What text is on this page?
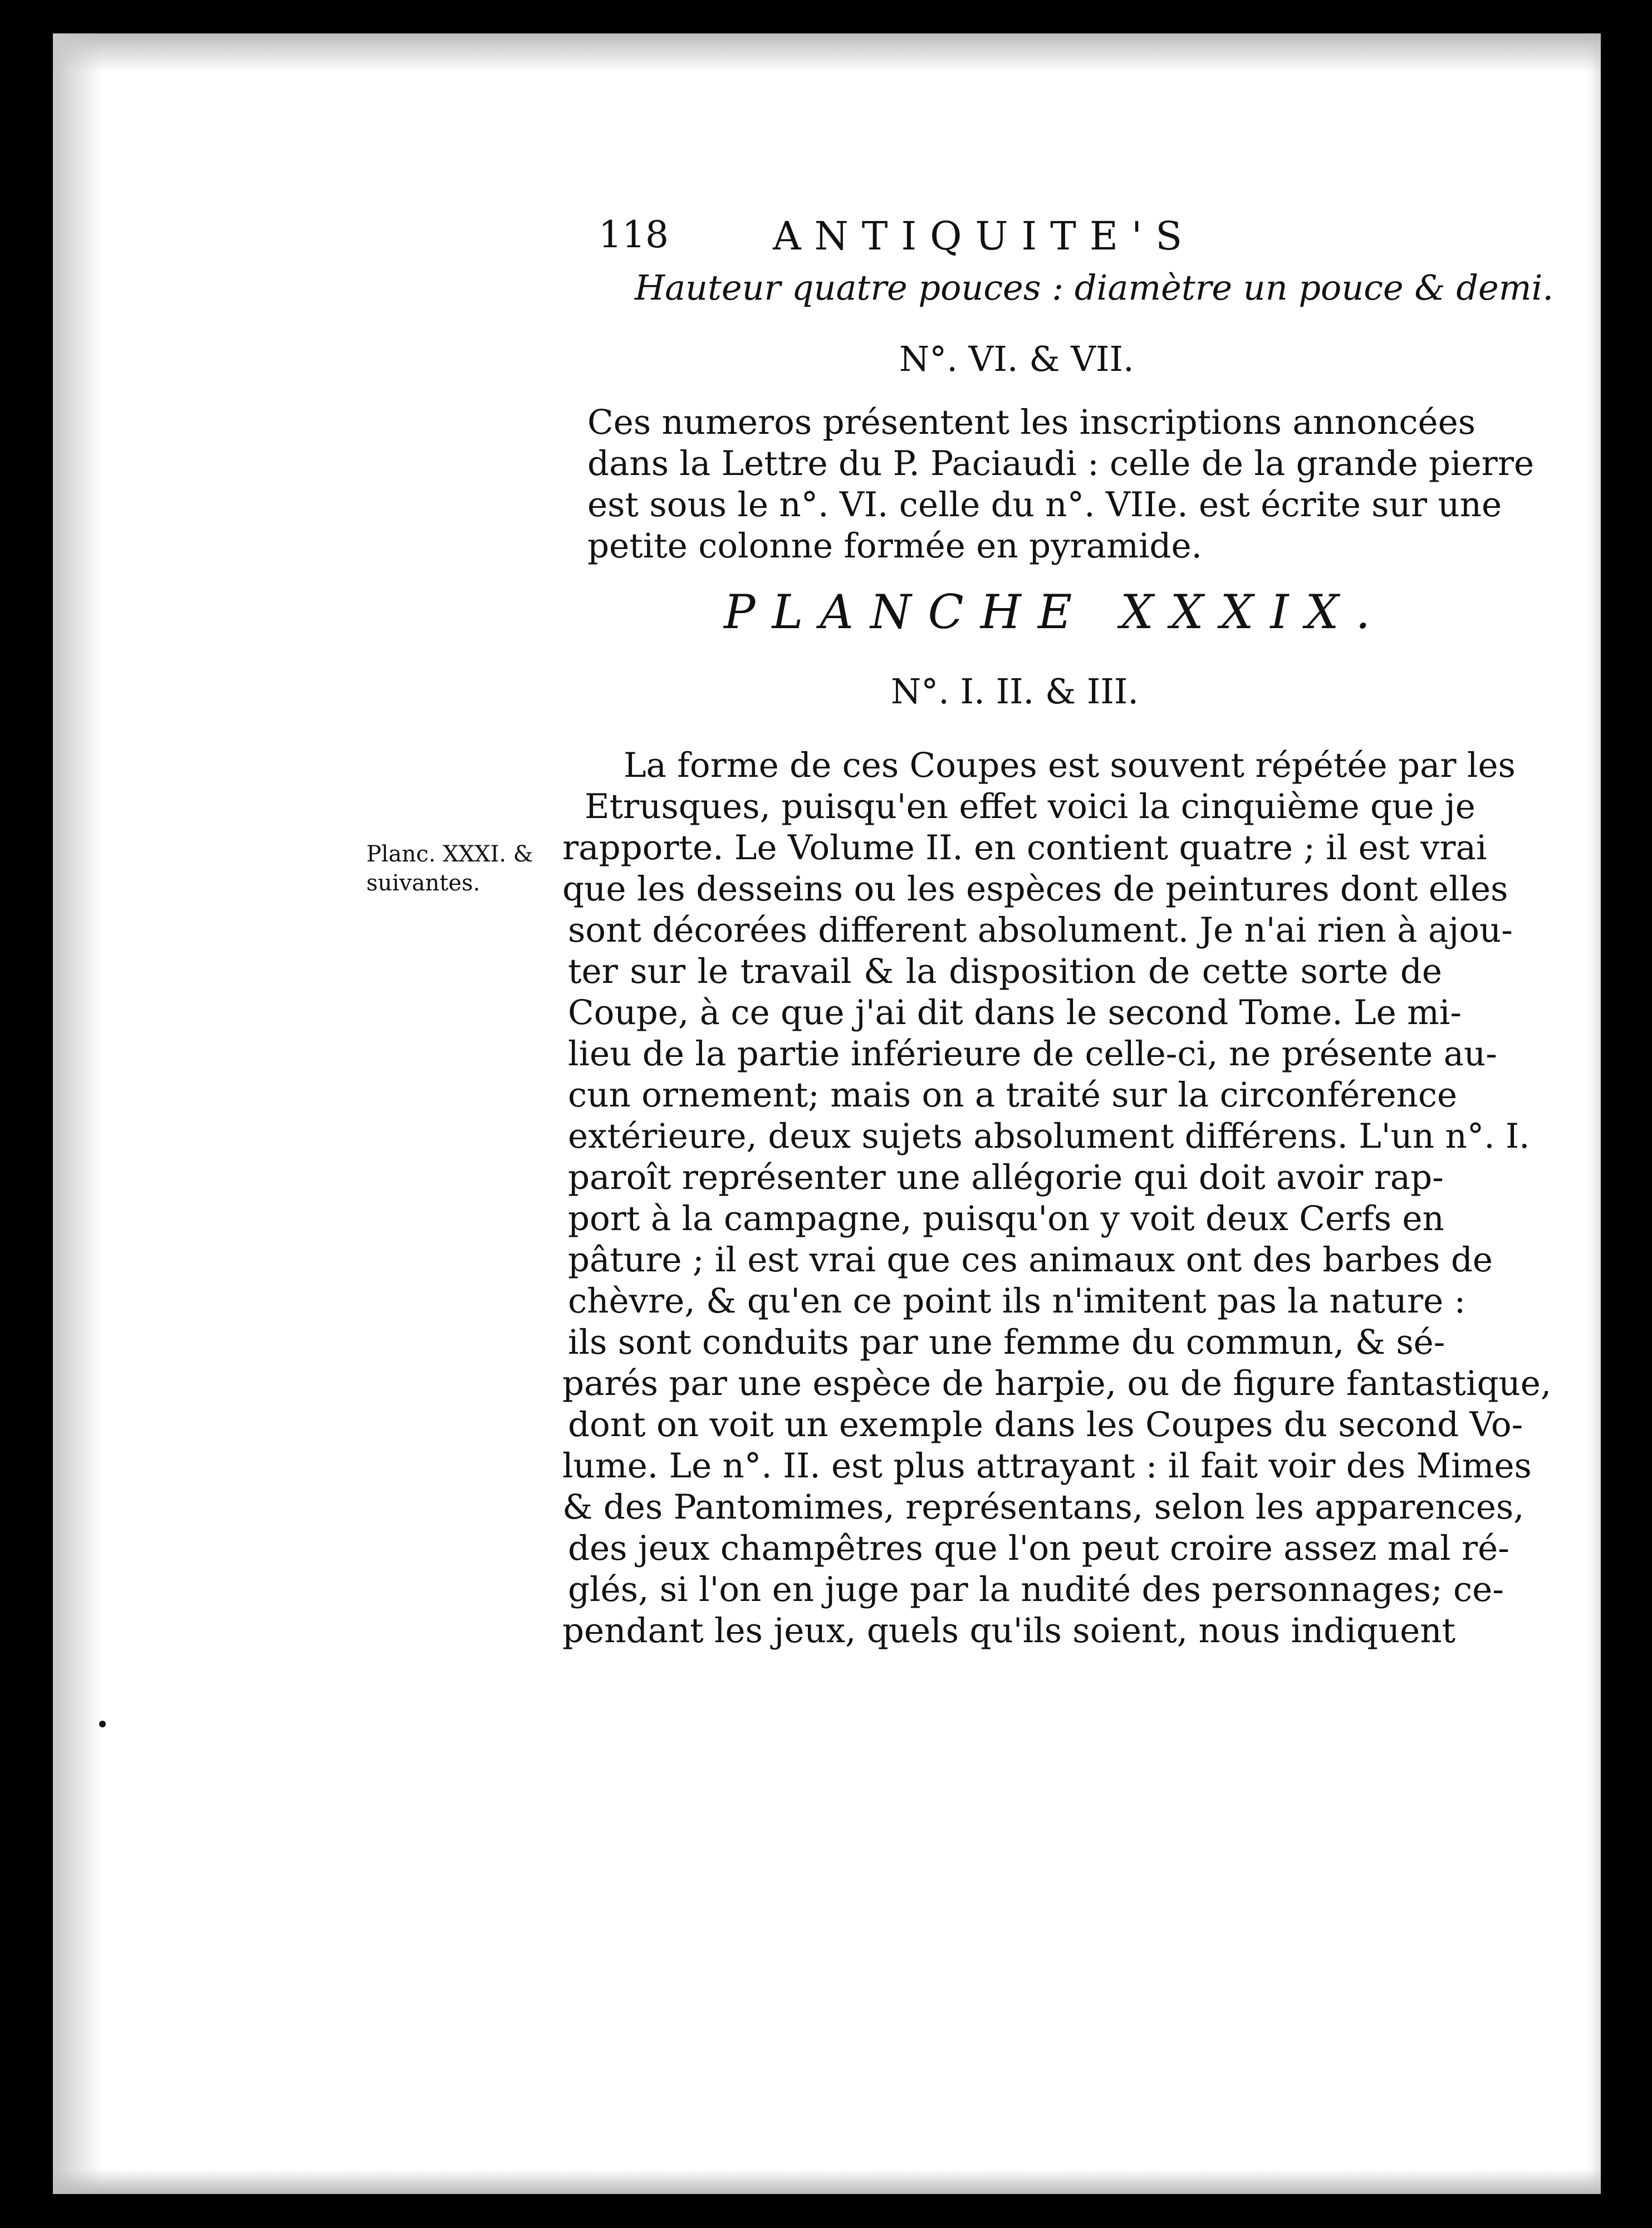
118	ANTIQUITE'S
Hauteur quatre pouces : diamètre un pouce & demi.
N°. VI. & VII.
Ces numeros présentent les inscriptions annoncées
dans la Lettre du P. Paciaudi : celle de la grande pierre
est sous le n°. VI. celle du n°. VIIe. est écrite sur une
petite colonne formée en pyramide.
PLANCHE XXXIX.
N°. I. II. & III.
La forme de ces Coupes est souvent répétée par les
Etrusques, puisqu'en effet voici la cinquième que je
rapporte. Le Volume II. en contient quatre ; il est vrai
que les desseins ou les espèces de peintures dont elles
sont décorées different absolument. Je n'ai rien à ajou-
ter sur le travail & la disposition de cette sorte de
Coupe, à ce que j'ai dit dans le second Tome. Le mi-
lieu de la partie inférieure de celle-ci, ne présente au-
cun ornement; mais on a traité sur la circonférence
extérieure, deux sujets absolument différens. L'un n°. I.
paroît représenter une allégorie qui doit avoir rap-
port à la campagne, puisqu'on y voit deux Cerfs en
pâture ; il est vrai que ces animaux ont des barbes de
chèvre, & qu'en ce point ils n'imitent pas la nature :
ils sont conduits par une femme du commun, & sé-
parés par une espèce de harpie, ou de figure fantastique,
dont on voit un exemple dans les Coupes du second Vo-
lume. Le n°. II. est plus attrayant : il fait voir des Mimes
& des Pantomimes, représentans, selon les apparences,
des jeux champêtres que l'on peut croire assez mal ré-
glés, si l'on en juge par la nudité des personnages; ce-
pendant les jeux, quels qu'ils soient, nous indiquent
Planc. XXXI. &
suivantes.
